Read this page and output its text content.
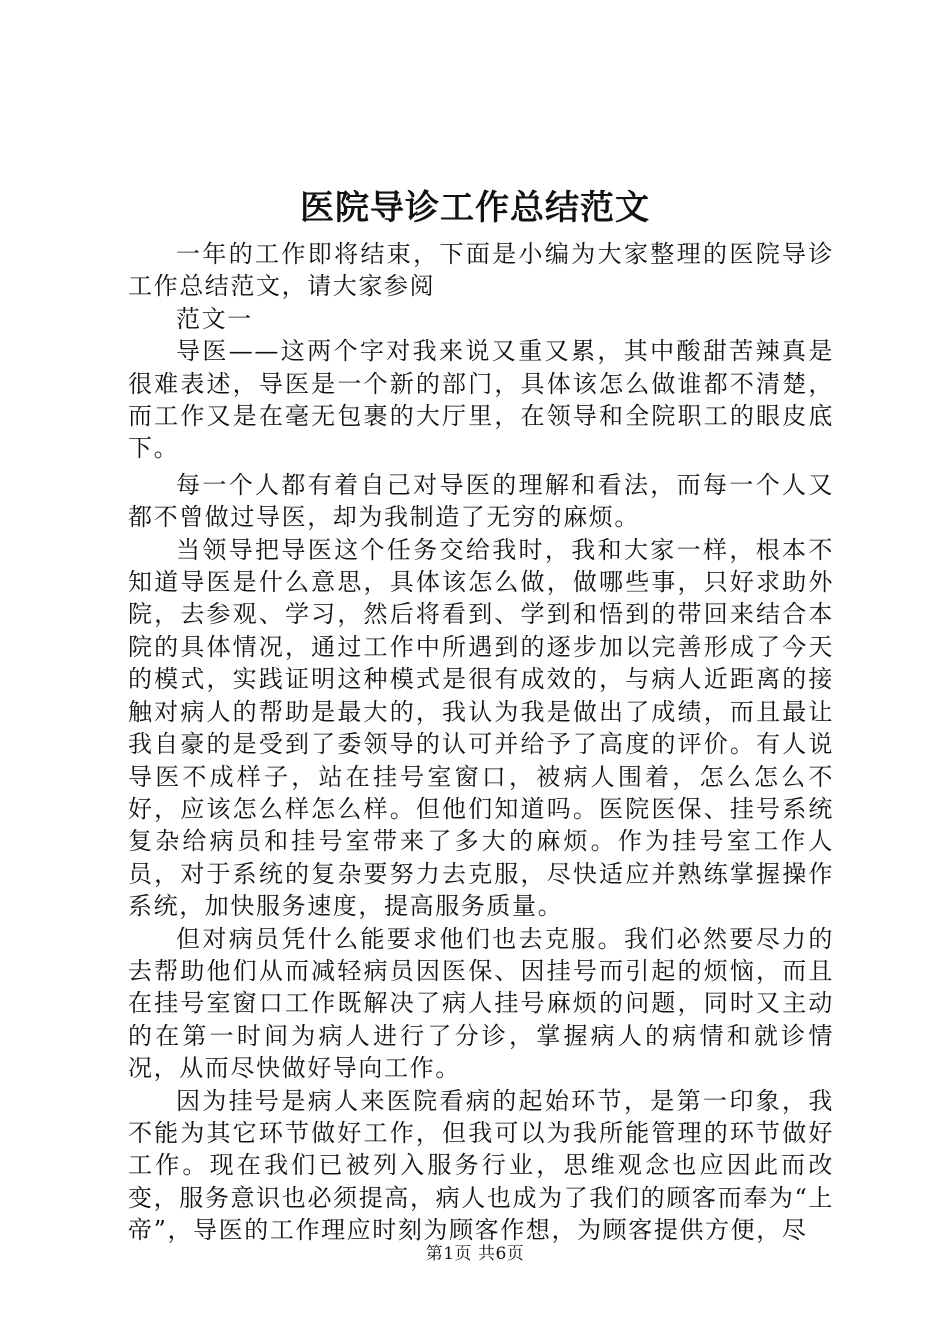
医院导诊工作总结范文

一年的工作即将结束，下面是小编为大家整理的医院导诊工作总结范文，请大家参阅

范文一

导医——这两个字对我来说又重又累，其中酸甜苦辣真是很难表述，导医是一个新的部门，具体该怎么做谁都不清楚，而工作又是在毫无包裹的大厅里，在领导和全院职工的眼皮底下。

每一个人都有着自己对导医的理解和看法，而每一个人又都不曾做过导医，却为我制造了无穷的麻烦。

当领导把导医这个任务交给我时，我和大家一样，根本不知道导医是什么意思，具体该怎么做，做哪些事，只好求助外院，去参观、学习，然后将看到、学到和悟到的带回来结合本院的具体情况，通过工作中所遇到的逐步加以完善形成了今天的模式，实践证明这种模式是很有成效的，与病人近距离的接触对病人的帮助是最大的，我认为我是做出了成绩，而且最让我自豪的是受到了委领导的认可并给予了高度的评价。有人说导医不成样子，站在挂号室窗口，被病人围着，怎么怎么不好，应该怎么样怎么样。但他们知道吗。医院医保、挂号系统复杂给病员和挂号室带来了多大的麻烦。作为挂号室工作人员，对于系统的复杂要努力去克服，尽快适应并熟练掌握操作系统，加快服务速度，提高服务质量。

但对病员凭什么能要求他们也去克服。我们必然要尽力的去帮助他们从而减轻病员因医保、因挂号而引起的烦恼，而且在挂号室窗口工作既解决了病人挂号麻烦的问题，同时又主动的在第一时间为病人进行了分诊，掌握病人的病情和就诊情况，从而尽快做好导向工作。

因为挂号是病人来医院看病的起始环节，是第一印象，我不能为其它环节做好工作，但我可以为我所能管理的环节做好工作。现在我们已被列入服务行业，思维观念也应因此而改变，服务意识也必须提高，病人也成为了我们的顾客而奉为“上帝”，导医的工作理应时刻为顾客作想，为顾客提供方便，尽

第1页 共6页
